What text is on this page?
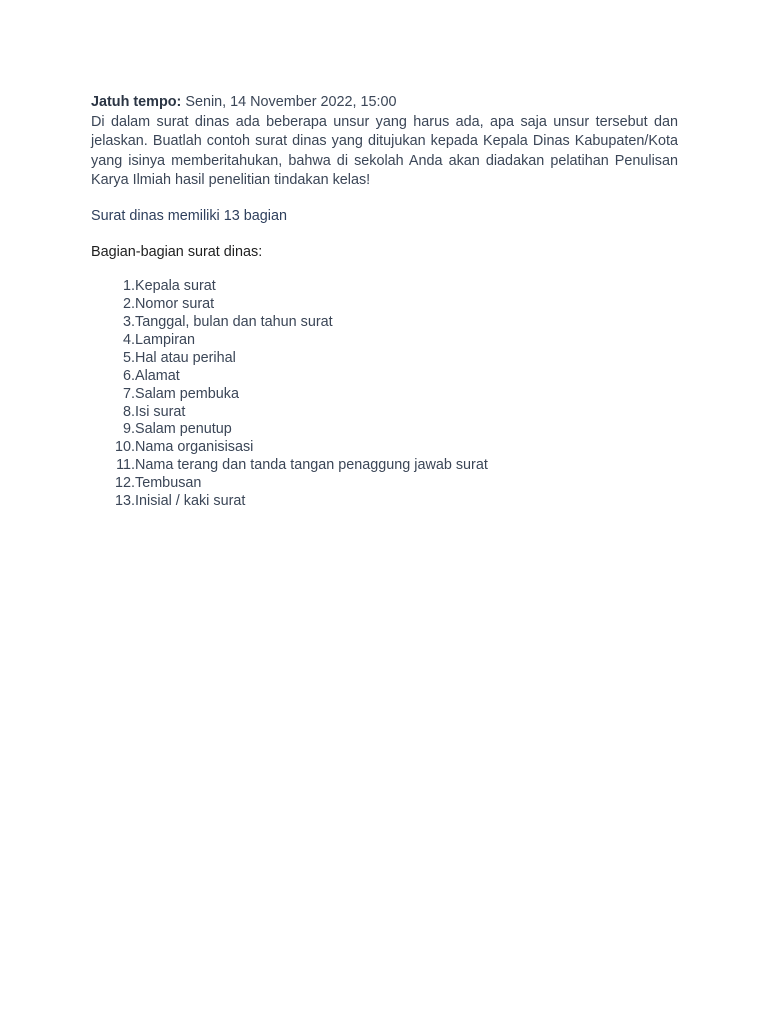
Jatuh tempo: Senin, 14 November 2022, 15:00

Di dalam surat dinas ada beberapa unsur yang harus ada, apa saja unsur tersebut dan jelaskan. Buatlah contoh surat dinas yang ditujukan kepada Kepala Dinas Kabupaten/Kota yang isinya memberitahukan, bahwa di sekolah Anda akan diadakan pelatihan Penulisan Karya Ilmiah hasil penelitian tindakan kelas!

Surat dinas memiliki 13 bagian

Bagian-bagian surat dinas:

1. Kepala surat
2. Nomor surat
3. Tanggal, bulan dan tahun surat
4. Lampiran
5. Hal atau perihal
6. Alamat
7. Salam pembuka
8. Isi surat
9. Salam penutup
10. Nama organisisasi
11. Nama terang dan tanda tangan penaggung jawab surat
12. Tembusan
13. Inisial / kaki surat
